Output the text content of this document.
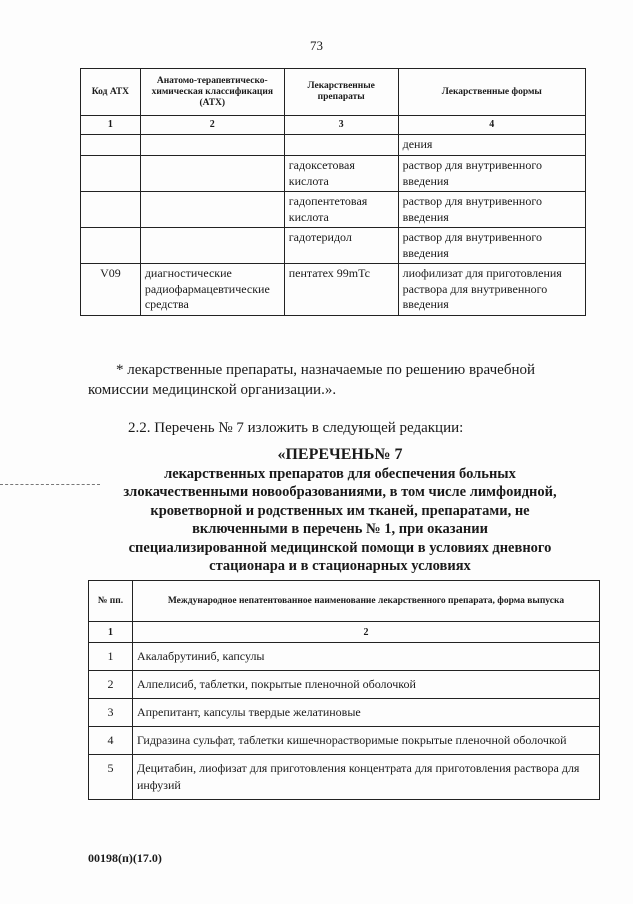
73
Код АТХ	Анатомо-терапевтическо-химическая классификация (АТХ)	Лекарственные препараты	Лекарственные формы
1	2	3	4
			дения
		гадоксетовая кислота	раствор для внутривенного введения
		гадопентетовая кислота	раствор для внутривенного введения
		гадотеридол	раствор для внутривенного введения
V09	диагностические радиофармацевтические средства	пентатех 99mTc	лиофилизат для приготовления раствора для внутривенного введения
* лекарственные препараты, назначаемые по решению врачебной комиссии медицинской организации.».
2.2. Перечень № 7 изложить в следующей редакции:
«ПЕРЕЧЕНЬ№ 7
лекарственных препаратов для обеспечения больных злокачественными новообразованиями, в том числе лимфоидной, кроветворной и родственных им тканей, препаратами, не включенными в перечень № 1, при оказании специализированной медицинской помощи в условиях дневного стационара и в стационарных условиях
№ пп.	Международное непатентованное наименование лекарственного препарата, форма выпуска
1	2
1	Акалабрутиниб, капсулы
2	Алпелисиб, таблетки, покрытые пленочной оболочкой
3	Апрепитант, капсулы твердые желатиновые
4	Гидразина сульфат, таблетки кишечнорастворимые покрытые пленочной оболочкой
5	Децитабин, лиофизат для приготовления концентрата для приготовления раствора для инфузий
00198(п)(17.0)
